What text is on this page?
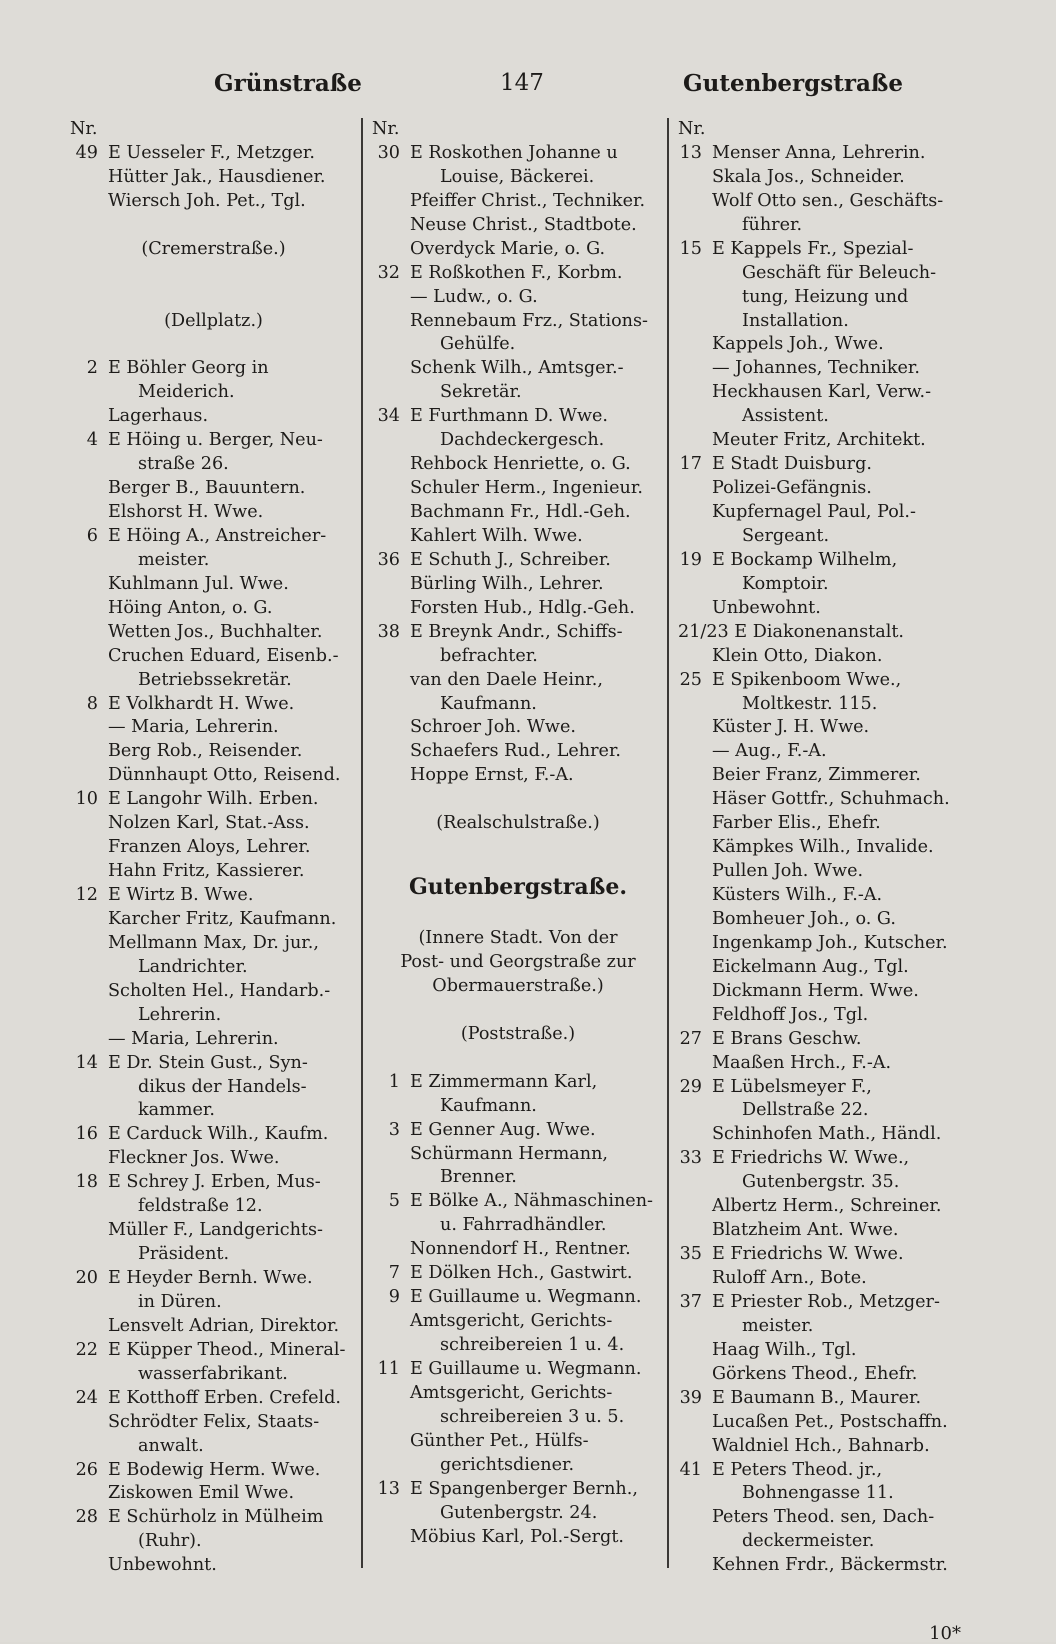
Grünstraße	147	Gutenbergstraße
Nr.
49 E Uesseler F., Metzger.
Hütter Jak., Hausdiener.
Wiersch Joh. Pet., Tgl.
(Cremerstraße.)
(Dellplatz.)
2 E Böhler Georg in
Meiderich.
Lagerhaus.
4 E Höing u. Berger, Neu-
straße 26.
Berger B., Bauuntern.
Elshorst H. Wwe.
6 E Höing A., Anstreicher-
meister.
Kuhlmann Jul. Wwe.
Höing Anton, o. G.
Wetten Jos., Buchhalter.
Cruchen Eduard, Eisenb.-
Betriebssekretär.
8 E Volkhardt H. Wwe.
— Maria, Lehrerin.
Berg Rob., Reisender.
Dünnhaupt Otto, Reisend.
10 E Langohr Wilh. Erben.
Nolzen Karl, Stat.-Ass.
Franzen Aloys, Lehrer.
Hahn Fritz, Kassierer.
12 E Wirtz B. Wwe.
Karcher Fritz, Kaufmann.
Mellmann Max, Dr. jur.,
Landrichter.
Scholten Hel., Handarb.-
Lehrerin.
— Maria, Lehrerin.
14 E Dr. Stein Gust., Syn-
dikus der Handels-
kammer.
16 E Carduck Wilh., Kaufm.
Fleckner Jos. Wwe.
18 E Schrey J. Erben, Mus-
feldstraße 12.
Müller F., Landgerichts-
Präsident.
20 E Heyder Bernh. Wwe.
in Düren.
Lensvelt Adrian, Direktor.
22 E Küpper Theod., Mineral-
wasserfabrikant.
24 E Kotthoff Erben. Crefeld.
Schrödter Felix, Staats-
anwalt.
26 E Bodewig Herm. Wwe.
Ziskowen Emil Wwe.
28 E Schürholz in Mülheim
(Ruhr).
Unbewohnt.
Nr.
30 E Roskothen Johanne u
Louise, Bäckerei.
Pfeiffer Christ., Techniker.
Neuse Christ., Stadtbote.
Overdyck Marie, o. G.
32 E Roßkothen F., Korbm.
— Ludw., o. G.
Rennebaum Frz., Stations-
Gehülfe.
Schenk Wilh., Amtsger.-
Sekretär.
34 E Furthmann D. Wwe.
Dachdeckergesch.
Rehbock Henriette, o. G.
Schuler Herm., Ingenieur.
Bachmann Fr., Hdl.-Geh.
Kahlert Wilh. Wwe.
36 E Schuth J., Schreiber.
Bürling Wilh., Lehrer.
Forsten Hub., Hdlg.-Geh.
38 E Breynk Andr., Schiffs-
befrachter.
van den Daele Heinr.,
Kaufmann.
Schroer Joh. Wwe.
Schaefers Rud., Lehrer.
Hoppe Ernst, F.-A.
(Realschulstraße.)
Gutenbergstraße.
(Innere Stadt. Von der
Post- und Georgstraße zur
Obermauerstraße.)
(Poststraße.)
1 E Zimmermann Karl,
Kaufmann.
3 E Genner Aug. Wwe.
Schürmann Hermann,
Brenner.
5 E Bölke A., Nähmaschinen-
u. Fahrradhändler.
Nonnendorf H., Rentner.
7 E Dölken Hch., Gastwirt.
9 E Guillaume u. Wegmann.
Amtsgericht, Gerichts-
schreibereien 1 u. 4.
11 E Guillaume u. Wegmann.
Amtsgericht, Gerichts-
schreibereien 3 u. 5.
Günther Pet., Hülfs-
gerichtsdiener.
13 E Spangenberger Bernh.,
Gutenbergstr. 24.
Möbius Karl, Pol.-Sergt.
Nr.
13 Menser Anna, Lehrerin.
Skala Jos., Schneider.
Wolf Otto sen., Geschäfts-
führer.
15 E Kappels Fr., Spezial-
Geschäft für Beleuch-
tung, Heizung und
Installation.
Kappels Joh., Wwe.
— Johannes, Techniker.
Heckhausen Karl, Verw.-
Assistent.
Meuter Fritz, Architekt.
17 E Stadt Duisburg.
Polizei-Gefängnis.
Kupfernagel Paul, Pol.-
Sergeant.
19 E Bockamp Wilhelm,
Komptoir.
Unbewohnt.
21/23 E Diakonenanstalt.
Klein Otto, Diakon.
25 E Spikenboom Wwe.,
Moltkestr. 115.
Küster J. H. Wwe.
— Aug., F.-A.
Beier Franz, Zimmerer.
Häser Gottfr., Schuhmach.
Farber Elis., Ehefr.
Kämpkes Wilh., Invalide.
Pullen Joh. Wwe.
Küsters Wilh., F.-A.
Bomheuer Joh., o. G.
Ingenkamp Joh., Kutscher.
Eickelmann Aug., Tgl.
Dickmann Herm. Wwe.
Feldhoff Jos., Tgl.
27 E Brans Geschw.
Maaßen Hrch., F.-A.
29 E Lübelsmeyer F.,
Dellstraße 22.
Schinhofen Math., Händl.
33 E Friedrichs W. Wwe.,
Gutenbergstr. 35.
Albertz Herm., Schreiner.
Blatzheim Ant. Wwe.
35 E Friedrichs W. Wwe.
Ruloff Arn., Bote.
37 E Priester Rob., Metzger-
meister.
Haag Wilh., Tgl.
Görkens Theod., Ehefr.
39 E Baumann B., Maurer.
Lucaßen Pet., Postschaffn.
Waldniel Hch., Bahnarb.
41 E Peters Theod. jr.,
Bohnengasse 11.
Peters Theod. sen, Dach-
deckermeister.
Kehnen Frdr., Bäckermstr.
10*
